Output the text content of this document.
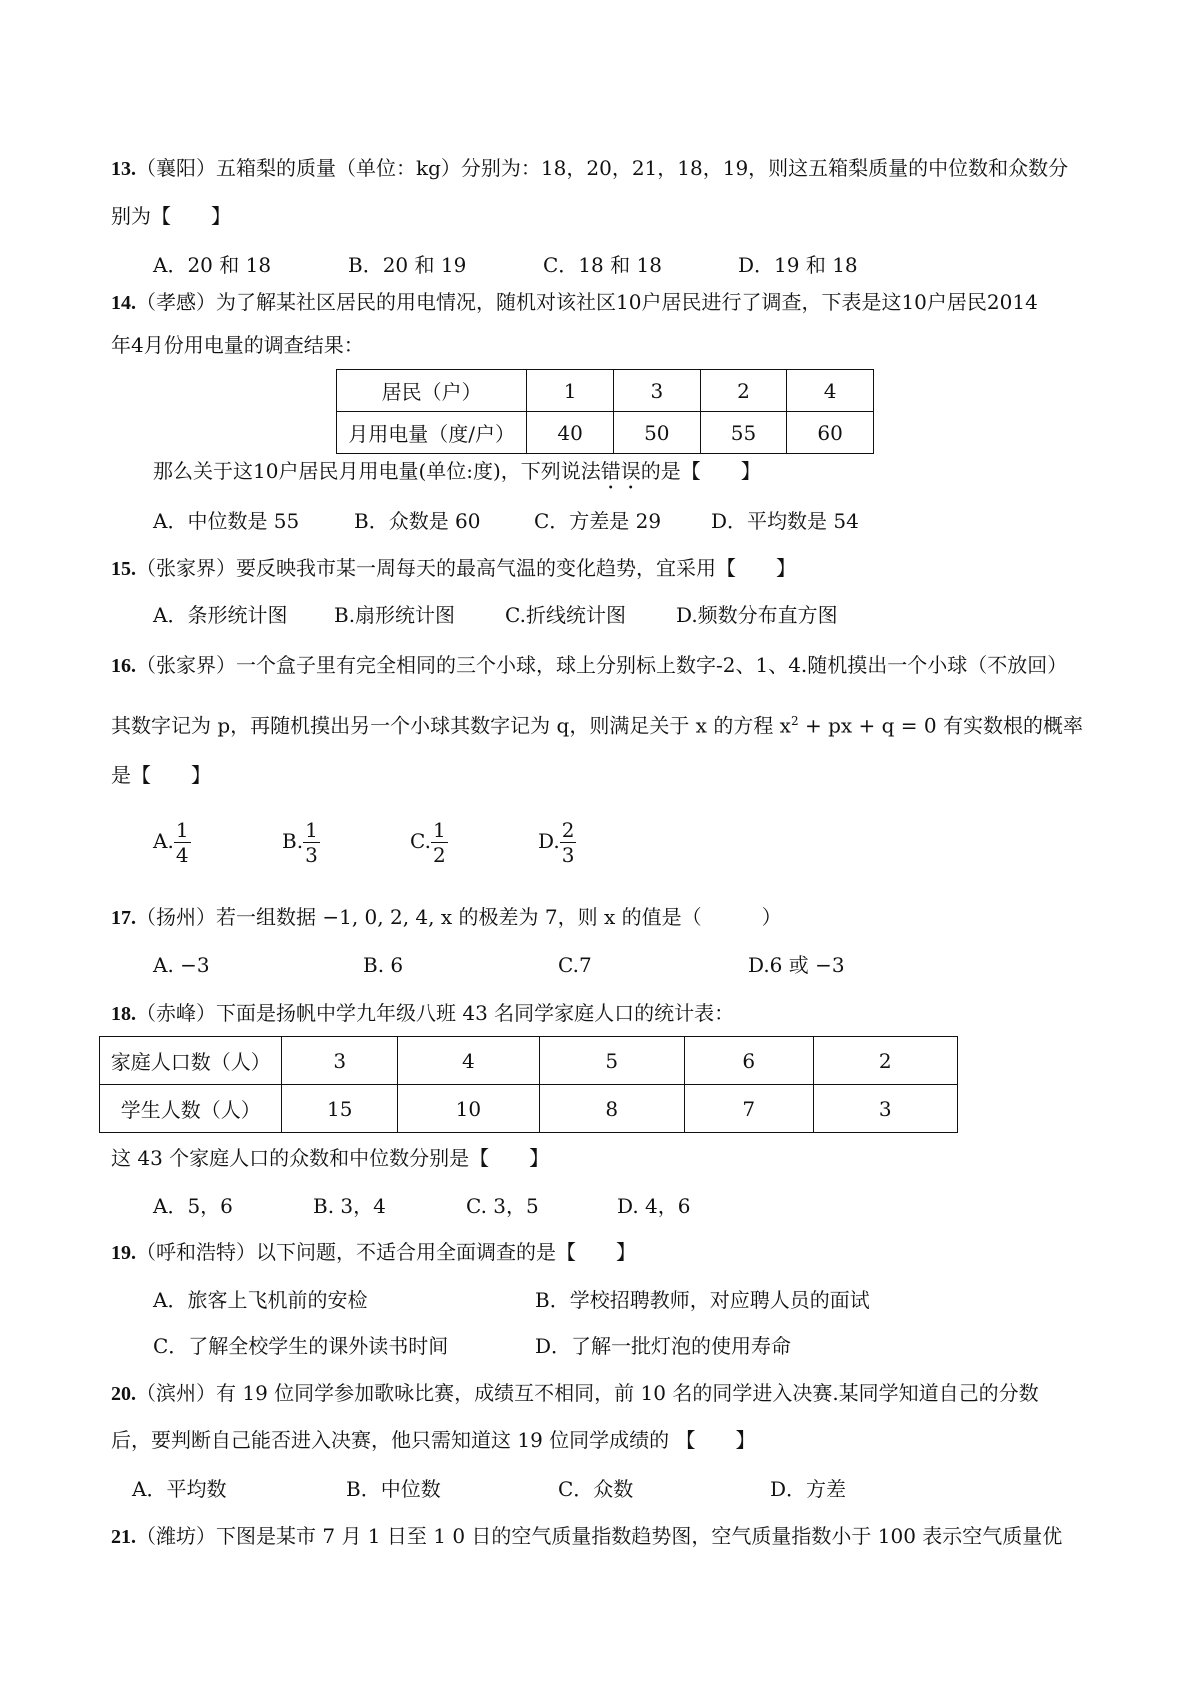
13.（襄阳）五箱梨的质量（单位：kg）分别为：18，20，21，18，19，则这五箱梨质量的中位数和众数分
别为【　　】
A．20 和 18	B．20 和 19	C．18 和 18	D．19 和 18
14.（孝感）为了解某社区居民的用电情况，随机对该社区10户居民进行了调查，下表是这10户居民2014
年4月份用电量的调查结果：
居民（户）	1	3	2	4
月用电量（度/户）	40	50	55	60
那么关于这10户居民月用电量(单位:度)，下列说法错误的是【　　】
A．中位数是 55	B．众数是 60	C．方差是 29 D．平均数是 54
15.（张家界）要反映我市某一周每天的最高气温的变化趋势，宜采用【　　】
A．条形统计图 B.扇形统计图 C.折线统计图	D.频数分布直方图
16.（张家界）一个盒子里有完全相同的三个小球，球上分别标上数字-2、1、4.随机摸出一个小球（不放回）
其数字记为 p，再随机摸出另一个小球其数字记为 q，则满足关于 x 的方程 $x^2$ + px + q = 0 有实数根的概率
是【　　】
A. $\frac{1}{4}$	B. $\frac{1}{3}$	C. $\frac{1}{2}$	D. $\frac{2}{3}$
17.（扬州）若一组数据 −1, 0, 2, 4, x 的极差为 7，则 x 的值是（　　　）
A. −3	B. 6	C.7	D.6 或 −3
18.（赤峰）下面是扬帆中学九年级八班 43 名同学家庭人口的统计表：
家庭人口数（人）	3	4	5	6	2
学生人数（人）	15	10	8	7	3
这 43 个家庭人口的众数和中位数分别是【　　】
A．5，6	B. 3，4	C. 3，5	D. 4，6
19.（呼和浩特）以下问题，不适合用全面调查的是【　　】
A．旅客上飞机前的安检	B．学校招聘教师，对应聘人员的面试
C．了解全校学生的课外读书时间	D．了解一批灯泡的使用寿命
20.（滨州）有 19 位同学参加歌咏比赛，成绩互不相同，前 10 名的同学进入决赛.某同学知道自己的分数
后，要判断自己能否进入决赛，他只需知道这 19 位同学成绩的 【　　】
A．平均数	B．中位数	C．众数	D．方差
21.（潍坊）下图是某市 7 月 1 日至 1 0 日的空气质量指数趋势图，空气质量指数小于 100 表示空气质量优
